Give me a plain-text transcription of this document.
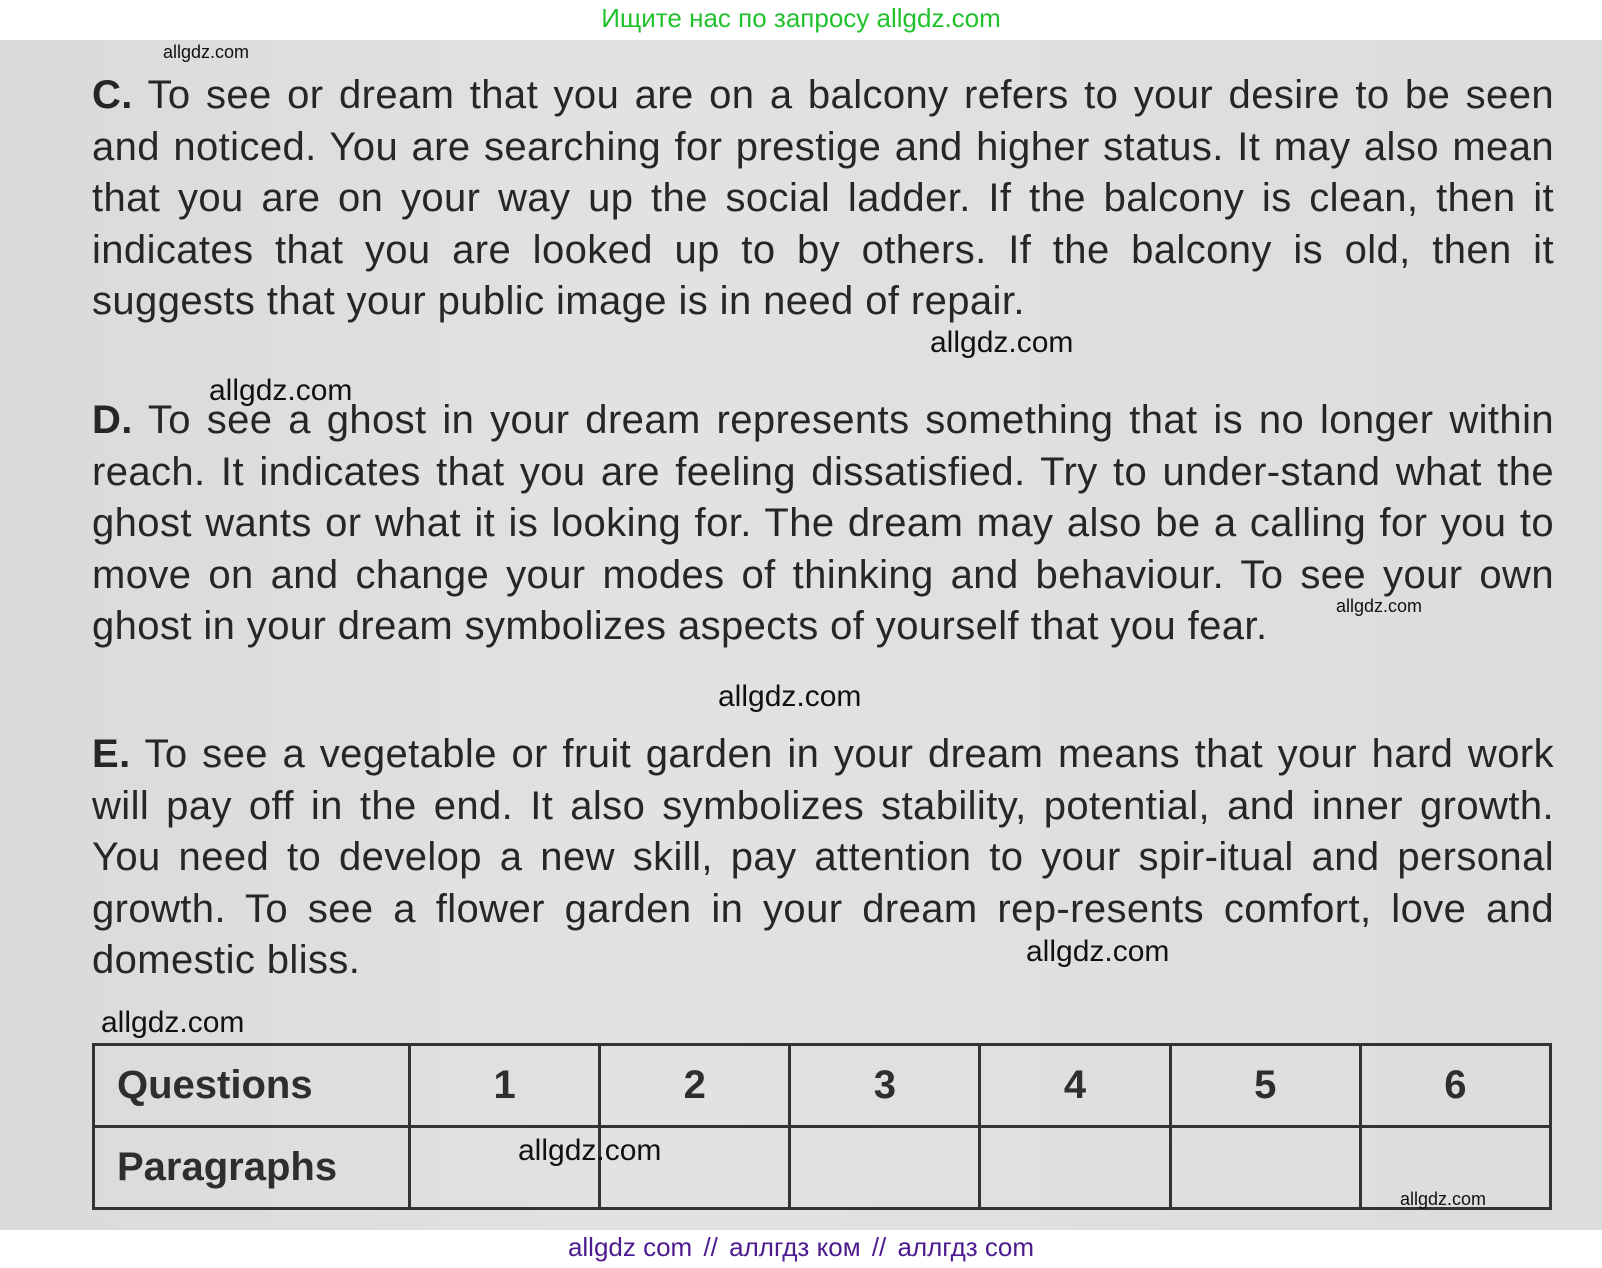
Ищите нас по запросу allgdz.com
C. To see or dream that you are on a balcony refers to your desire to be seen and noticed. You are searching for prestige and higher status. It may also mean that you are on your way up the social ladder. If the balcony is clean, then it indicates that you are looked up to by others. If the balcony is old, then it suggests that your public image is in need of repair.
D. To see a ghost in your dream represents something that is no longer within reach. It indicates that you are feeling dissatisfied. Try to under-stand what the ghost wants or what it is looking for. The dream may also be a calling for you to move on and change your modes of thinking and behaviour. To see your own ghost in your dream symbolizes aspects of yourself that you fear.
E. To see a vegetable or fruit garden in your dream means that your hard work will pay off in the end. It also symbolizes stability, potential, and inner growth. You need to develop a new skill, pay attention to your spir-itual and personal growth. To see a flower garden in your dream rep-resents comfort, love and domestic bliss.
Questions	1	2	3	4	5	6
Paragraphs						
allgdz.com
allgdz.com
allgdz.com
allgdz.com
allgdz.com
allgdz.com
allgdz.com
allgdz.com
allgdz.com
allgdz com // аллгдз ком // аллгдз com
